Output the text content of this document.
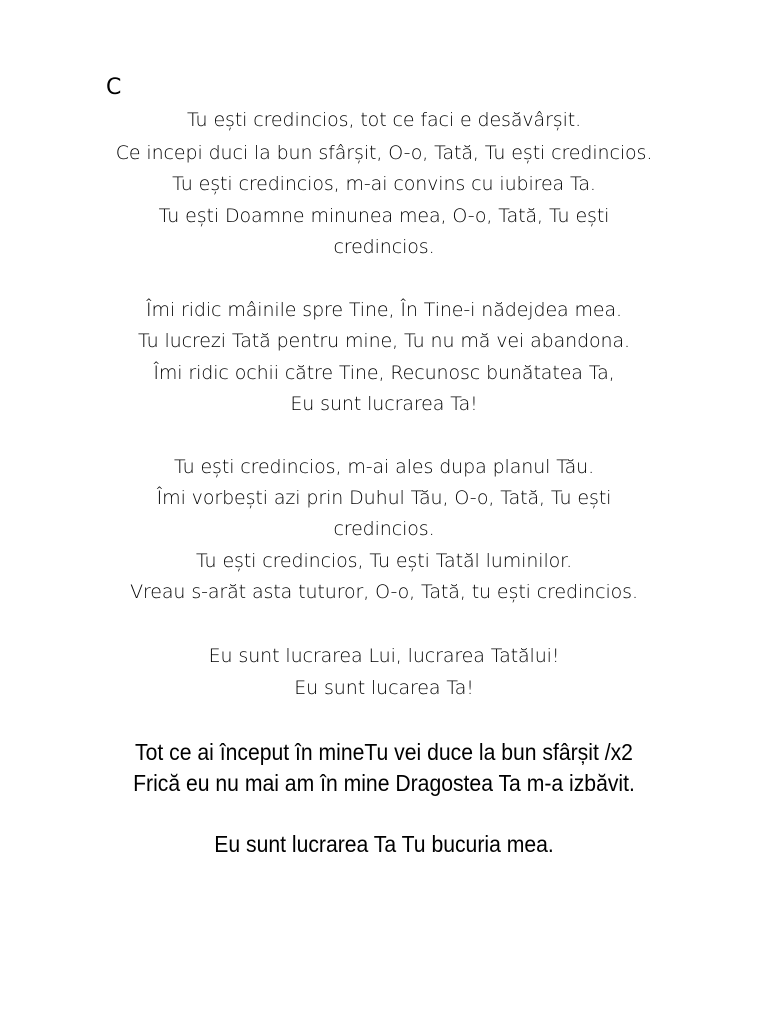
C
Tu ești credincios, tot ce faci e desăvârșit.
Ce incepi duci la bun sfârșit, O-o, Tată, Tu ești credincios.
Tu ești credincios, m-ai convins cu iubirea Ta.
Tu ești Doamne minunea mea, O-o, Tată, Tu ești
credincios.
Îmi ridic mâinile spre Tine, În Tine-i nădejdea mea.
Tu lucrezi Tată pentru mine, Tu nu mă vei abandona.
Îmi ridic ochii către Tine, Recunosc bunătatea Ta,
Eu sunt lucrarea Ta!
Tu ești credincios, m-ai ales dupa planul Tău.
Îmi vorbești azi prin Duhul Tău, O-o, Tată, Tu ești
credincios.
Tu ești credincios, Tu ești Tatăl luminilor.
Vreau s-arăt asta tuturor, O-o, Tată, tu ești credincios.
Eu sunt lucrarea Lui, lucrarea Tatălui!
Eu sunt lucarea Ta!
Tot ce ai început în mineTu vei duce la bun sfârșit /x2
Frică eu nu mai am în mine Dragostea Ta m-a izbăvit.
Eu sunt lucrarea Ta Tu bucuria mea.
